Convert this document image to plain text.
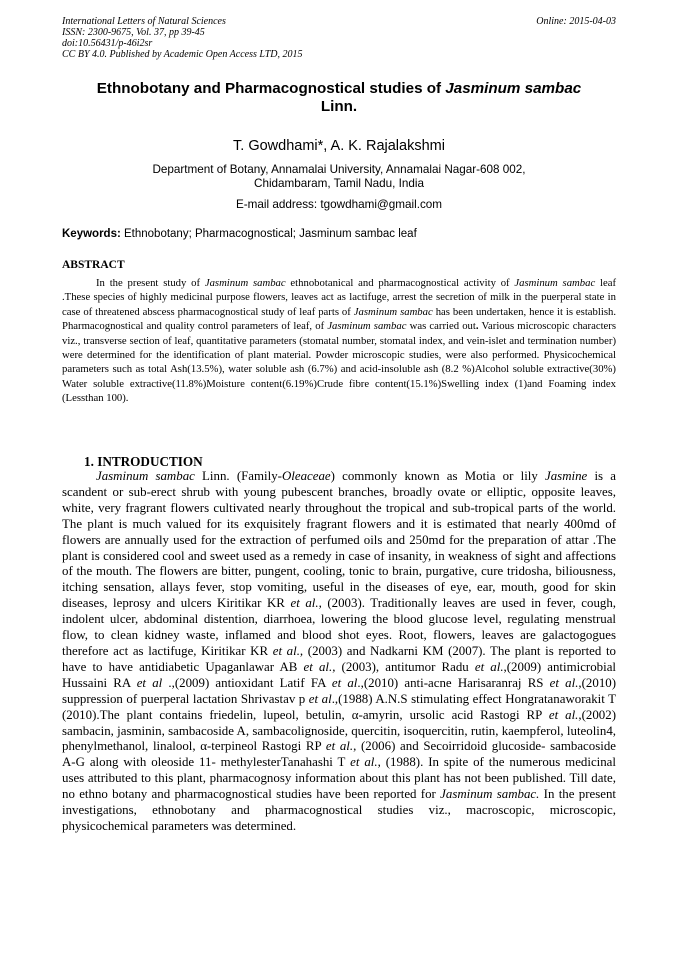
International Letters of Natural Sciences
ISSN: 2300-9675, Vol. 37, pp 39-45
doi:10.56431/p-46i2sr
CC BY 4.0. Published by Academic Open Access LTD, 2015
Online: 2015-04-03
Ethnobotany and Pharmacognostical studies of Jasminum sambac
Linn.
T. Gowdhami*, A. K. Rajalakshmi
Department of Botany, Annamalai University, Annamalai Nagar-608 002,
Chidambaram, Tamil Nadu, India
E-mail address: tgowdhami@gmail.com
Keywords: Ethnobotany; Pharmacognostical; Jasminum sambac leaf
ABSTRACT

In the present study of Jasminum sambac ethnobotanical and pharmacognostical activity of Jasminum sambac leaf .These species of highly medicinal purpose flowers, leaves act as lactifuge, arrest the secretion of milk in the puerperal state in case of threatened abscess pharmacognostical study of leaf parts of Jasminum sambac has been undertaken, hence it is establish. Pharmacognostical and quality control parameters of leaf, of Jasminum sambac was carried out. Various microscopic characters viz., transverse section of leaf, quantitative parameters (stomatal number, stomatal index, and vein-islet and termination number) were determined for the identification of plant material. Powder microscopic studies, were also performed. Physicochemical parameters such as total Ash(13.5%), water soluble ash (6.7%) and acid-insoluble ash (8.2 %)Alcohol soluble extractive(30%) Water soluble extractive(11.8%)Moisture content(6.19%)Crude fibre content(15.1%)Swelling index (1)and Foaming index (Lessthan 100).

1. INTRODUCTION

Jasminum sambac Linn. (Family-Oleaceae) commonly known as Motia or lily Jasmine is a scandent or sub-erect shrub with young pubescent branches, broadly ovate or elliptic, opposite leaves, white, very fragrant flowers cultivated nearly throughout the tropical and sub-tropical parts of the world. The plant is much valued for its exquisitely fragrant flowers and it is estimated that nearly 400md of flowers are annually used for the extraction of perfumed oils and 250md for the preparation of attar .The plant is considered cool and sweet used as a remedy in case of insanity, in weakness of sight and affections of the mouth. The flowers are bitter, pungent, cooling, tonic to brain, purgative, cure tridosha, biliousness, itching sensation, allays fever, stop vomiting, useful in the diseases of eye, ear, mouth, good for skin diseases, leprosy and ulcers Kiritikar KR et al., (2003). Traditionally leaves are used in fever, cough, indolent ulcer, abdominal distention, diarrhoea, lowering the blood glucose level, regulating menstrual flow, to clean kidney waste, inflamed and blood shot eyes. Root, flowers, leaves are galactogogues therefore act as lactifuge, Kiritikar KR et al., (2003) and Nadkarni KM (2007). The plant is reported to have to have antidiabetic Upaganlawar AB et al., (2003), antitumor Radu et al.,(2009) antimicrobial Hussaini RA et al .,(2009) antioxidant Latif FA et al.,(2010) anti-acne Harisaranraj RS et al.,(2010) suppression of puerperal lactation Shrivastav p et al.,(1988) A.N.S stimulating effect Hongratanaworakit T (2010).The plant contains friedelin, lupeol, betulin, α-amyrin, ursolic acid Rastogi RP et al.,(2002) sambacin, jasminin, sambacoside A, sambacolignoside, quercitin, isoquercitin, rutin, kaempferol, luteolin4, phenylmethanol, linalool, α-terpineol Rastogi RP et al., (2006) and Secoirridoid glucoside- sambacoside A-G along with oleoside 11- methylesterTanahashi T et al., (1988). In spite of the numerous medicinal uses attributed to this plant, pharmacognosy information about this plant has not been published. Till date, no ethno botany and pharmacognostical studies have been reported for Jasminum sambac. In the present investigations, ethnobotany and pharmacognostical studies viz., macroscopic, microscopic, physicochemical parameters was determined.
